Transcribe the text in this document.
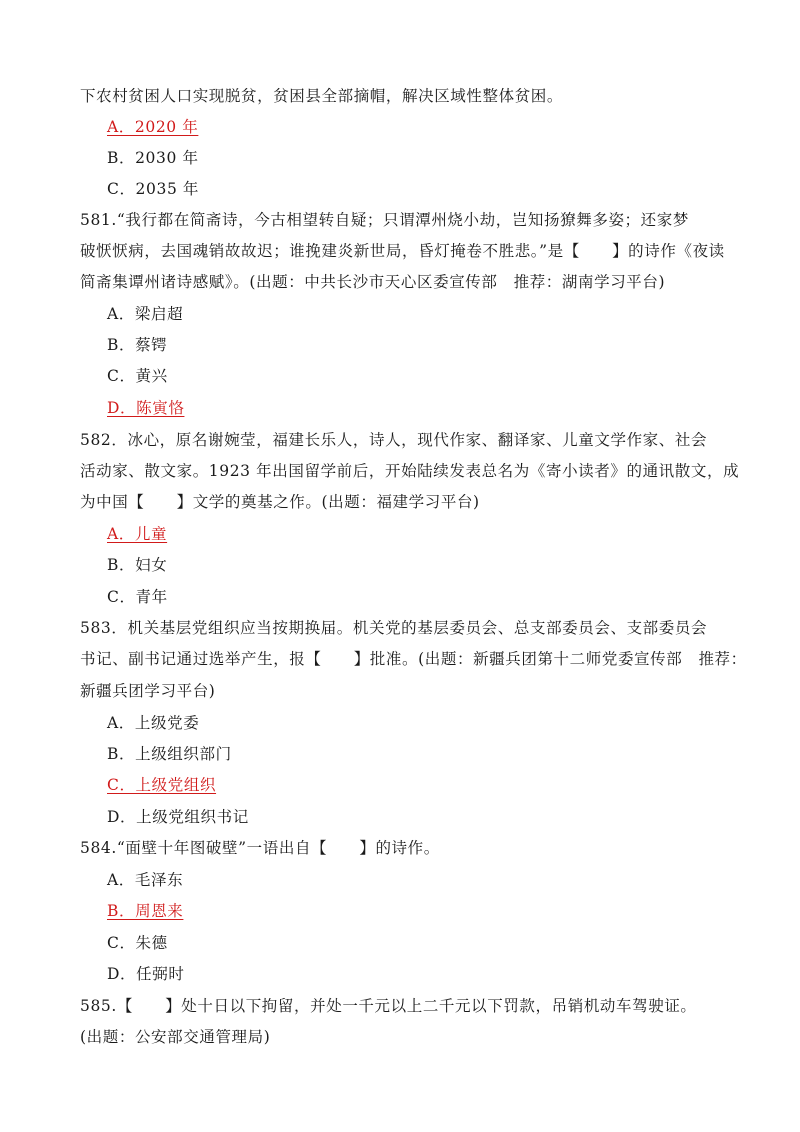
下农村贫困人口实现脱贫，贫困县全部摘帽，解决区域性整体贫困。
A．2020 年
B．2030 年
C．2035 年
581.“我行都在简斋诗，今古相望转自疑；只谓潭州烧小劫，岂知扬獠舞多姿；还家梦
破恹恹病，去国魂销故故迟；谁挽建炎新世局，昏灯掩卷不胜悲。”是【　　】的诗作《夜读
简斋集谭州诸诗感赋》。(出题：中共长沙市天心区委宣传部　推荐：湖南学习平台)
A．梁启超
B．蔡锷
C．黄兴
D．陈寅恪
582．冰心，原名谢婉莹，福建长乐人，诗人，现代作家、翻译家、儿童文学作家、社会
活动家、散文家。1923 年出国留学前后，开始陆续发表总名为《寄小读者》的通讯散文，成
为中国【　　】文学的奠基之作。(出题：福建学习平台)
A．儿童
B．妇女
C．青年
583．机关基层党组织应当按期换届。机关党的基层委员会、总支部委员会、支部委员会
书记、副书记通过选举产生，报【　　】批准。(出题：新疆兵团第十二师党委宣传部　推荐：
新疆兵团学习平台)
A．上级党委
B．上级组织部门
C．上级党组织
D．上级党组织书记
584.“面壁十年图破壁”一语出自【　　】的诗作。
A．毛泽东
B．周恩来
C．朱德
D．任弼时
585.【　　】处十日以下拘留，并处一千元以上二千元以下罚款，吊销机动车驾驶证。
(出题：公安部交通管理局)
